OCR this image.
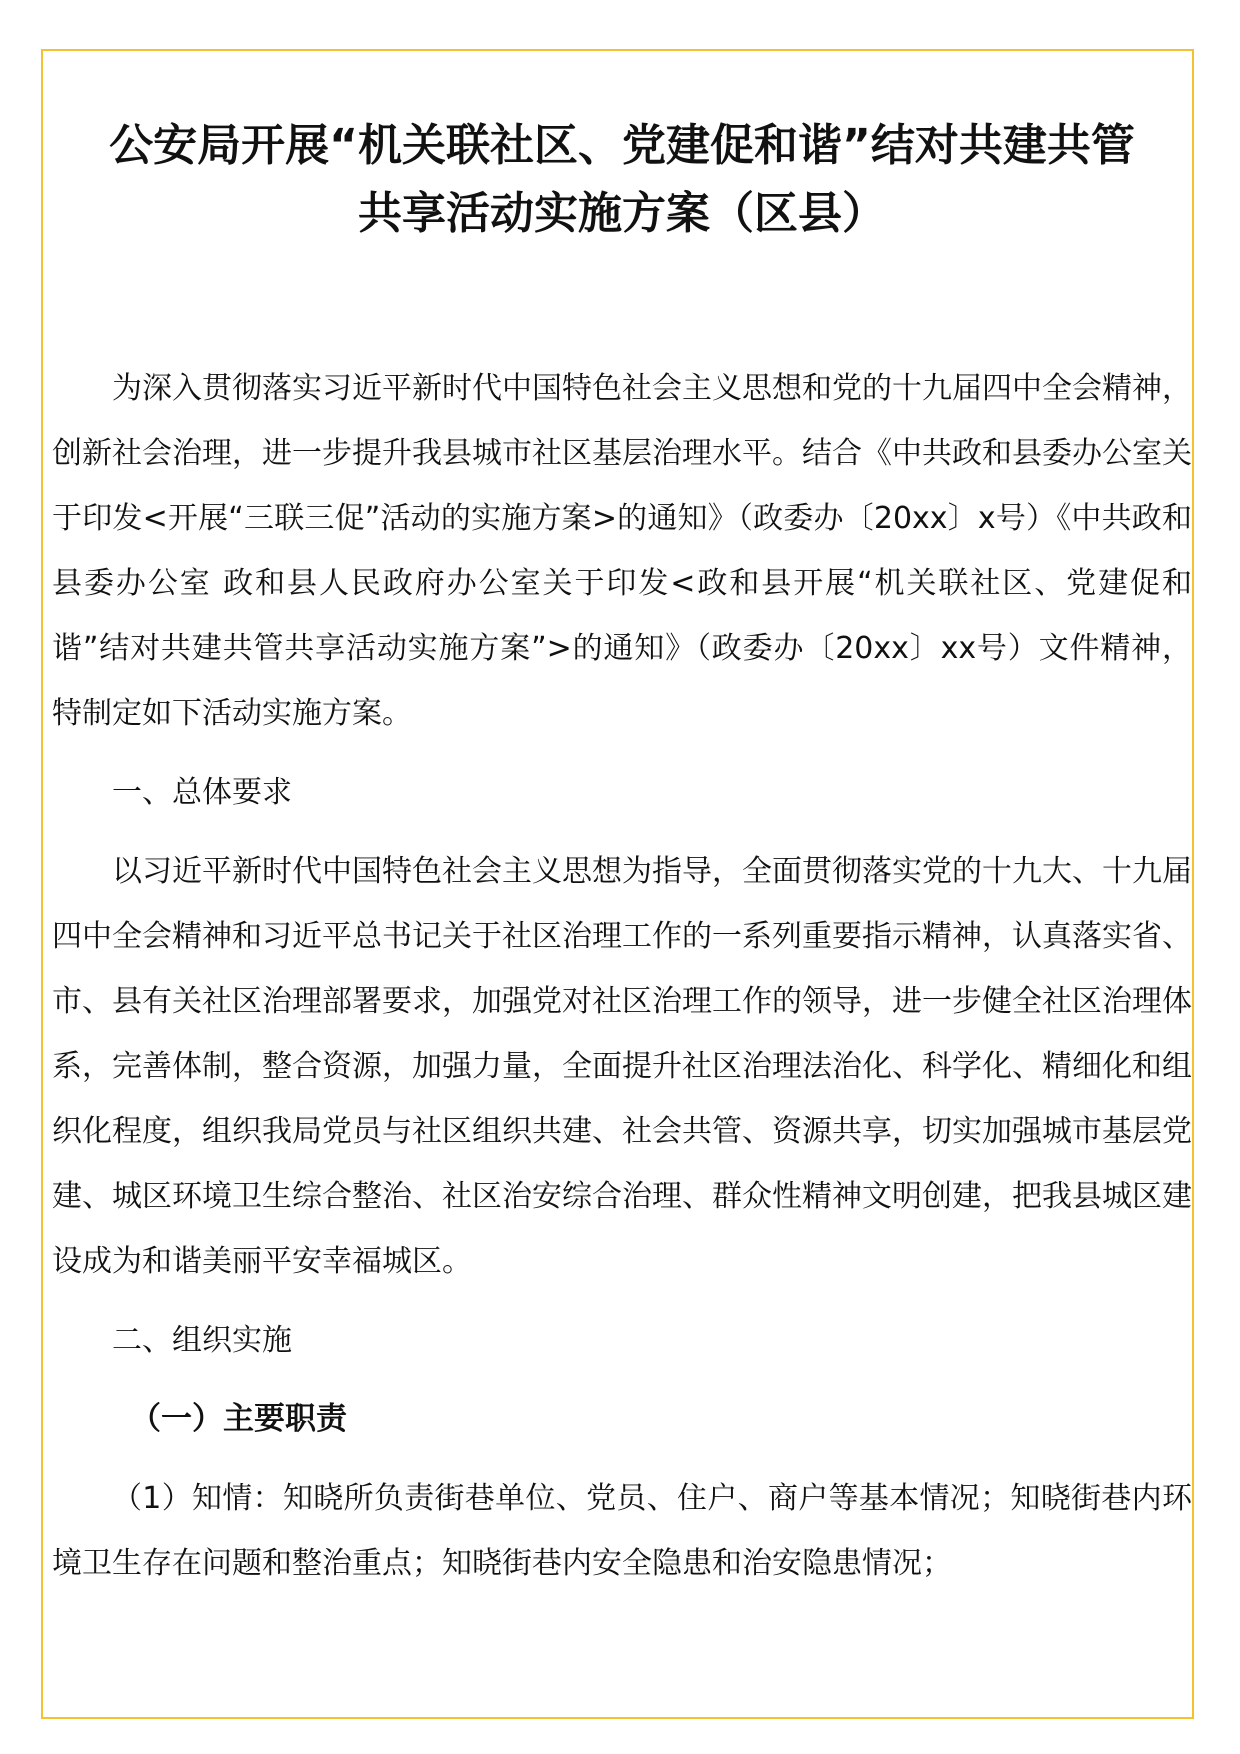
公安局开展“机关联社区、党建促和谐”结对共建共管
共享活动实施方案（区县）

为深入贯彻落实习近平新时代中国特色社会主义思想和党的十九届四中全会精神，创新社会治理，进一步提升我县城市社区基层治理水平。结合《中共政和县委办公室关于印发<开展“三联三促”活动的实施方案>的通知》（政委办〔20xx〕x号）《中共政和县委办公室 政和县人民政府办公室关于印发<政和县开展“机关联社区、党建促和谐”结对共建共管共享活动实施方案”>的通知》（政委办〔20xx〕xx号）文件精神，特制定如下活动实施方案。

一、总体要求

以习近平新时代中国特色社会主义思想为指导，全面贯彻落实党的十九大、十九届四中全会精神和习近平总书记关于社区治理工作的一系列重要指示精神，认真落实省、市、县有关社区治理部署要求，加强党对社区治理工作的领导，进一步健全社区治理体系，完善体制，整合资源，加强力量，全面提升社区治理法治化、科学化、精细化和组织化程度，组织我局党员与社区组织共建、社会共管、资源共享，切实加强城市基层党建、城区环境卫生综合整治、社区治安综合治理、群众性精神文明创建，把我县城区建设成为和谐美丽平安幸福城区。

二、组织实施

（一）主要职责

（1）知情：知晓所负责街巷单位、党员、住户、商户等基本情况；知晓街巷内环境卫生存在问题和整治重点；知晓街巷内安全隐患和治安隐患情况；
